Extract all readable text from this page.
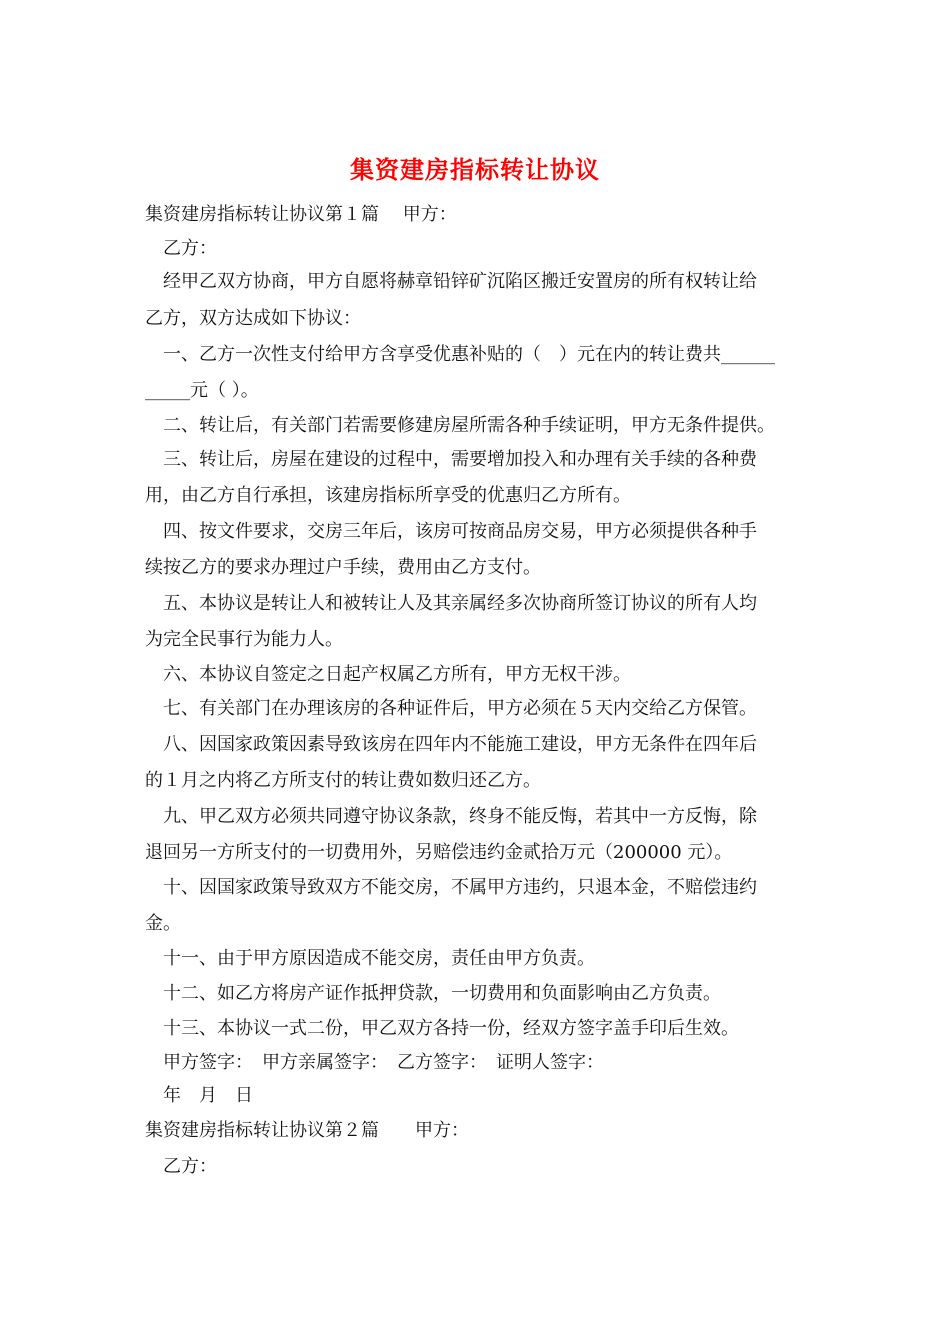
集资建房指标转让协议
集资建房指标转让协议第１篇　 甲方：
　乙方：
　经甲乙双方协商，甲方自愿将赫章铅锌矿沉陷区搬迁安置房的所有权转让给
乙方，双方达成如下协议：
　一、乙方一次性支付给甲方含享受优惠补贴的（　）元在内的转让费共______
_____元（ ）。
　二、转让后，有关部门若需要修建房屋所需各种手续证明，甲方无条件提供。
　三、转让后，房屋在建设的过程中，需要增加投入和办理有关手续的各种费
用，由乙方自行承担，该建房指标所享受的优惠归乙方所有。
　四、按文件要求，交房三年后，该房可按商品房交易，甲方必须提供各种手
续按乙方的要求办理过户手续，费用由乙方支付。
　五、本协议是转让人和被转让人及其亲属经多次协商所签订协议的所有人均
为完全民事行为能力人。
　六、本协议自签定之日起产权属乙方所有，甲方无权干涉。
　七、有关部门在办理该房的各种证件后，甲方必须在５天内交给乙方保管。
　八、因国家政策因素导致该房在四年内不能施工建设，甲方无条件在四年后
的１月之内将乙方所支付的转让费如数归还乙方。
　九、甲乙双方必须共同遵守协议条款，终身不能反悔，若其中一方反悔，除
退回另一方所支付的一切费用外，另赔偿违约金贰拾万元（200000 元）。
　十、因国家政策导致双方不能交房，不属甲方违约，只退本金，不赔偿违约
金。
　十一、由于甲方原因造成不能交房，责任由甲方负责。
　十二、如乙方将房产证作抵押贷款，一切费用和负面影响由乙方负责。
　十三、本协议一式二份，甲乙双方各持一份，经双方签字盖手印后生效。
　甲方签字：　甲方亲属签字：　乙方签字：　证明人签字：
　年　月　日
集资建房指标转让协议第２篇　　甲方：
　乙方：
